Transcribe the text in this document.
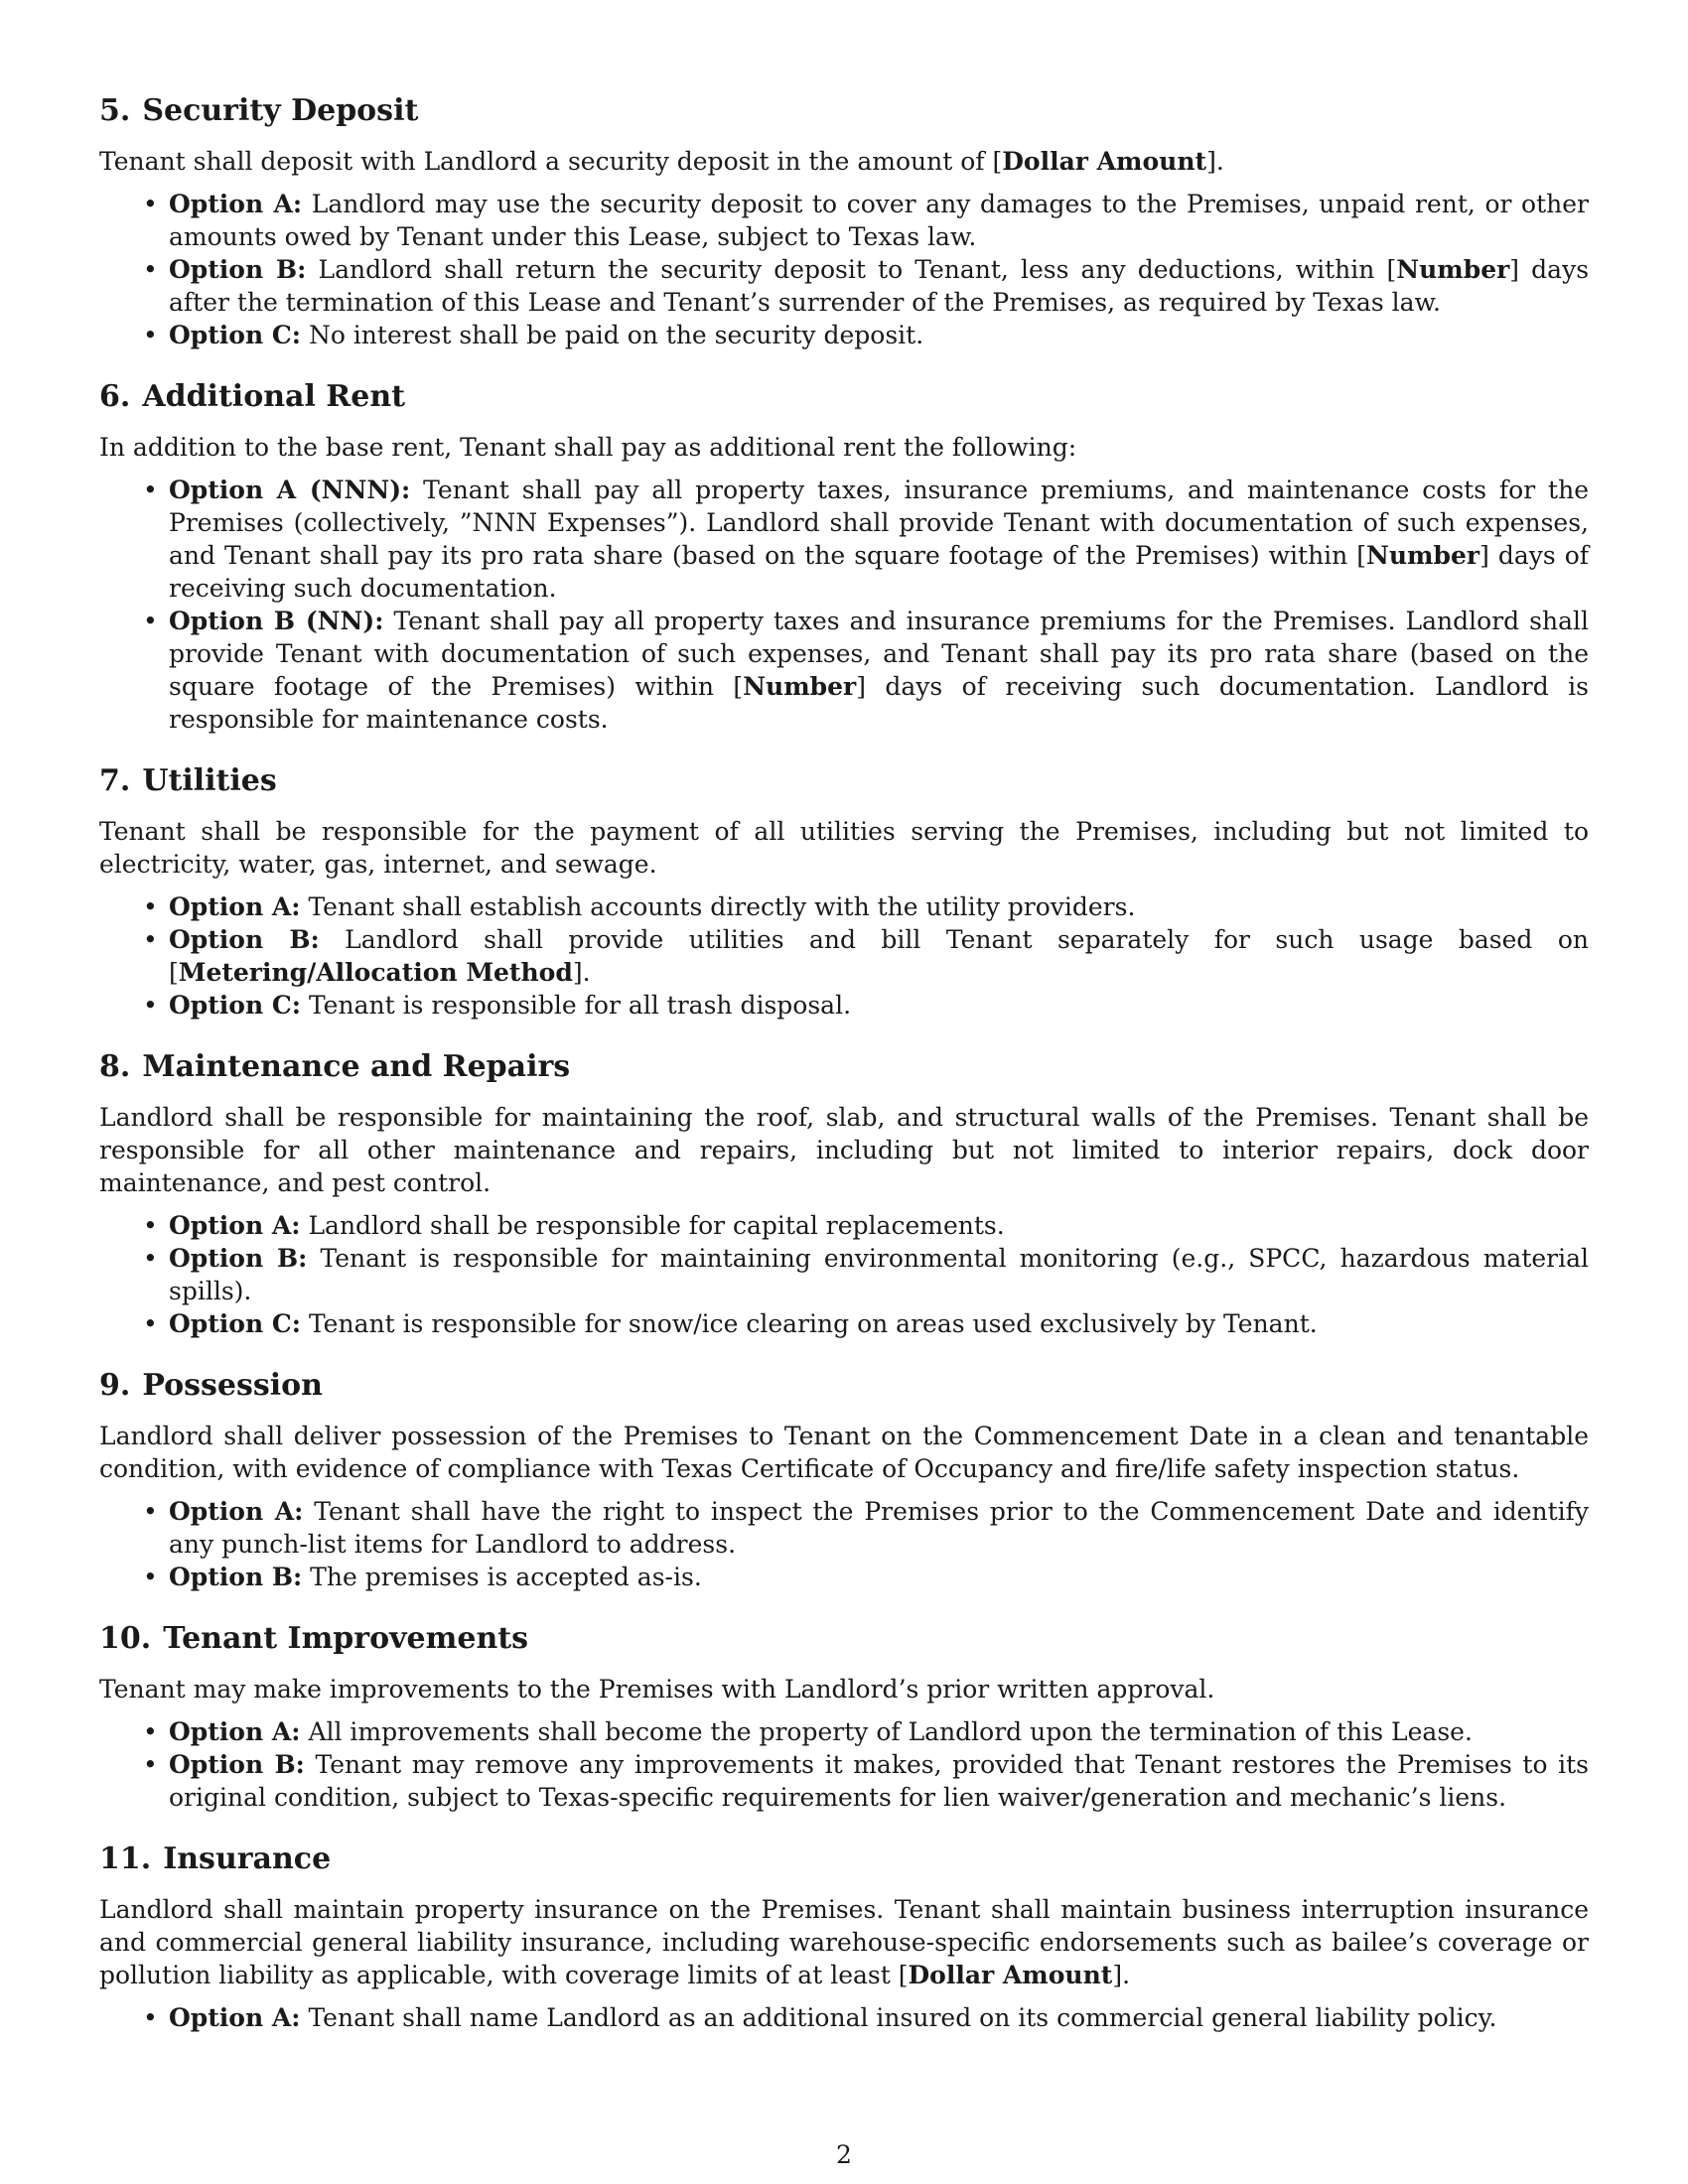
5. Security Deposit

Tenant shall deposit with Landlord a security deposit in the amount of [Dollar Amount].

• Option A: Landlord may use the security deposit to cover any damages to the Premises, unpaid rent, or other amounts owed by Tenant under this Lease, subject to Texas law.
• Option B: Landlord shall return the security deposit to Tenant, less any deductions, within [Number] days after the termination of this Lease and Tenant’s surrender of the Premises, as required by Texas law.
• Option C: No interest shall be paid on the security deposit.
6. Additional Rent

In addition to the base rent, Tenant shall pay as additional rent the following:

• Option A (NNN): Tenant shall pay all property taxes, insurance premiums, and maintenance costs for the Premises (collectively, ”NNN Expenses”). Landlord shall provide Tenant with documentation of such expenses, and Tenant shall pay its pro rata share (based on the square footage of the Premises) within [Number] days of receiving such documentation.
• Option B (NN): Tenant shall pay all property taxes and insurance premiums for the Premises. Landlord shall provide Tenant with documentation of such expenses, and Tenant shall pay its pro rata share (based on the square footage of the Premises) within [Number] days of receiving such documentation. Landlord is responsible for maintenance costs.
7. Utilities

Tenant shall be responsible for the payment of all utilities serving the Premises, including but not limited to electricity, water, gas, internet, and sewage.

• Option A: Tenant shall establish accounts directly with the utility providers.
• Option B: Landlord shall provide utilities and bill Tenant separately for such usage based on [Metering/Allocation Method].
• Option C: Tenant is responsible for all trash disposal.
8. Maintenance and Repairs

Landlord shall be responsible for maintaining the roof, slab, and structural walls of the Premises. Tenant shall be responsible for all other maintenance and repairs, including but not limited to interior repairs, dock door maintenance, and pest control.

• Option A: Landlord shall be responsible for capital replacements.
• Option B: Tenant is responsible for maintaining environmental monitoring (e.g., SPCC, hazardous material spills).
• Option C: Tenant is responsible for snow/ice clearing on areas used exclusively by Tenant.
9. Possession

Landlord shall deliver possession of the Premises to Tenant on the Commencement Date in a clean and tenantable condition, with evidence of compliance with Texas Certificate of Occupancy and fire/life safety inspection status.

• Option A: Tenant shall have the right to inspect the Premises prior to the Commencement Date and identify any punch-list items for Landlord to address.
• Option B: The premises is accepted as-is.
10. Tenant Improvements

Tenant may make improvements to the Premises with Landlord’s prior written approval.

• Option A: All improvements shall become the property of Landlord upon the termination of this Lease.
• Option B: Tenant may remove any improvements it makes, provided that Tenant restores the Premises to its original condition, subject to Texas-specific requirements for lien waiver/generation and mechanic’s liens.
11. Insurance

Landlord shall maintain property insurance on the Premises. Tenant shall maintain business interruption insurance and commercial general liability insurance, including warehouse-specific endorsements such as bailee’s coverage or pollution liability as applicable, with coverage limits of at least [Dollar Amount].

• Option A: Tenant shall name Landlord as an additional insured on its commercial general liability policy.
2
